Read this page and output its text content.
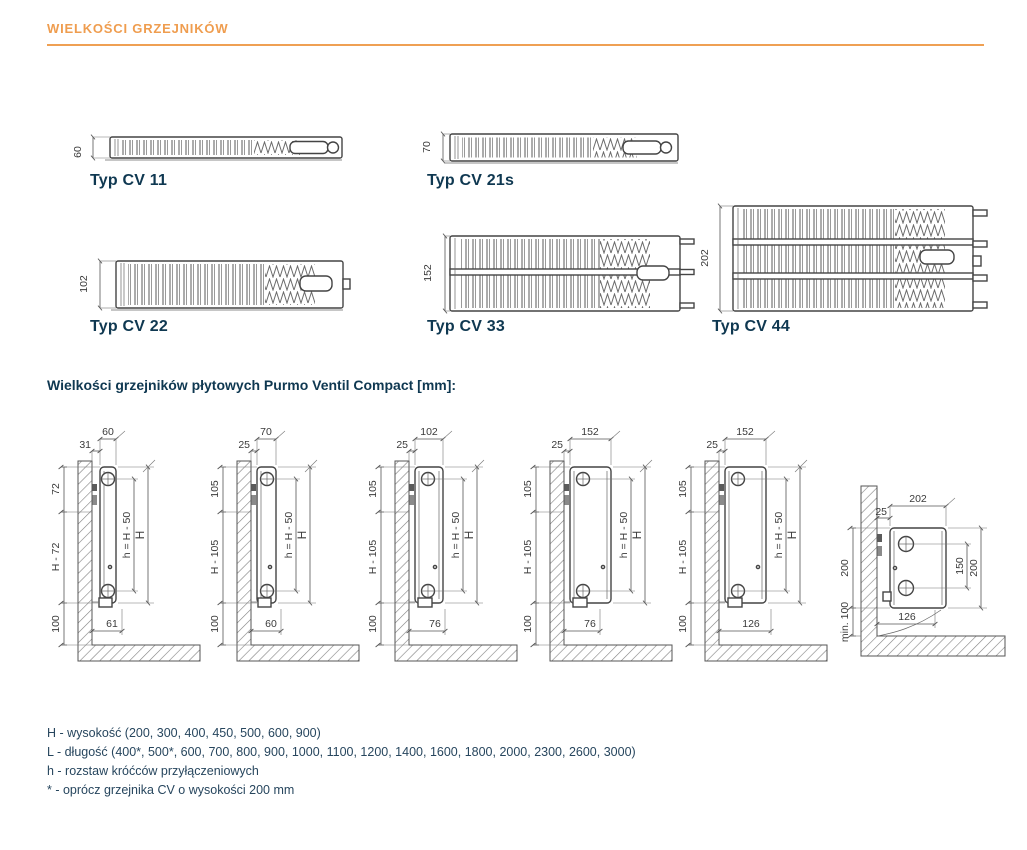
WIELKOŚCI GRZEJNIKÓW
60
Typ CV 11
70
Typ CV 21s
102
Typ CV 22
152
Typ CV 33
202
Typ CV 44
Wielkości grzejników płytowych Purmo Ventil Compact [mm]:
72
H - 72
100
60
31
h = H - 50 H
61
105
H - 105
100
70
25
h = H - 50 H
60
105
H - 105
100
102
25
h = H - 50 H
76
105
H - 105
100
152
25
h = H - 50 H
76
105
H - 105
100
152
25
h = H - 50 H
126
202
25
150 200
126
200
min. 100
H - wysokość (200, 300, 400, 450, 500, 600, 900)
L - długość (400*, 500*, 600, 700, 800, 900, 1000, 1100, 1200, 1400, 1600, 1800, 2000, 2300, 2600, 3000)
h - rozstaw króćców przyłączeniowych
* - oprócz grzejnika CV o wysokości 200 mm
